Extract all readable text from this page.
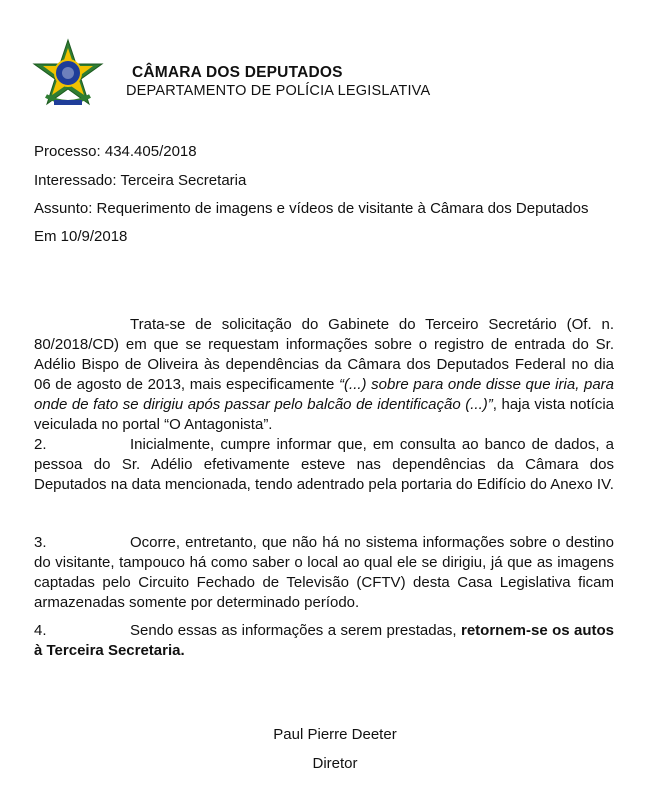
CÂMARA DOS DEPUTADOS
DEPARTAMENTO DE POLÍCIA LEGISLATIVA
Processo: 434.405/2018
Interessado: Terceira Secretaria
Assunto: Requerimento de imagens e vídeos de visitante à Câmara dos Deputados
Em 10/9/2018
Trata-se de solicitação do Gabinete do Terceiro Secretário (Of. n. 80/2018/CD) em que se requestam informações sobre o registro de entrada do Sr. Adélio Bispo de Oliveira às dependências da Câmara dos Deputados Federal no dia 06 de agosto de 2013, mais especificamente “(...) sobre para onde disse que iria, para onde de fato se dirigiu após passar pelo balcão de identificação (...)”, haja vista notícia veiculada no portal “O Antagonista”.
2.	Inicialmente, cumpre informar que, em consulta ao banco de dados, a pessoa do Sr. Adélio efetivamente esteve nas dependências da Câmara dos Deputados na data mencionada, tendo adentrado pela portaria do Edifício do Anexo IV.
3.	Ocorre, entretanto, que não há no sistema informações sobre o destino do visitante, tampouco há como saber o local ao qual ele se dirigiu, já que as imagens captadas pelo Circuito Fechado de Televisão (CFTV) desta Casa Legislativa ficam armazenadas somente por determinado período.
4.	Sendo essas as informações a serem prestadas, retornem-se os autos à Terceira Secretaria.
Paul Pierre Deeter
Diretor
